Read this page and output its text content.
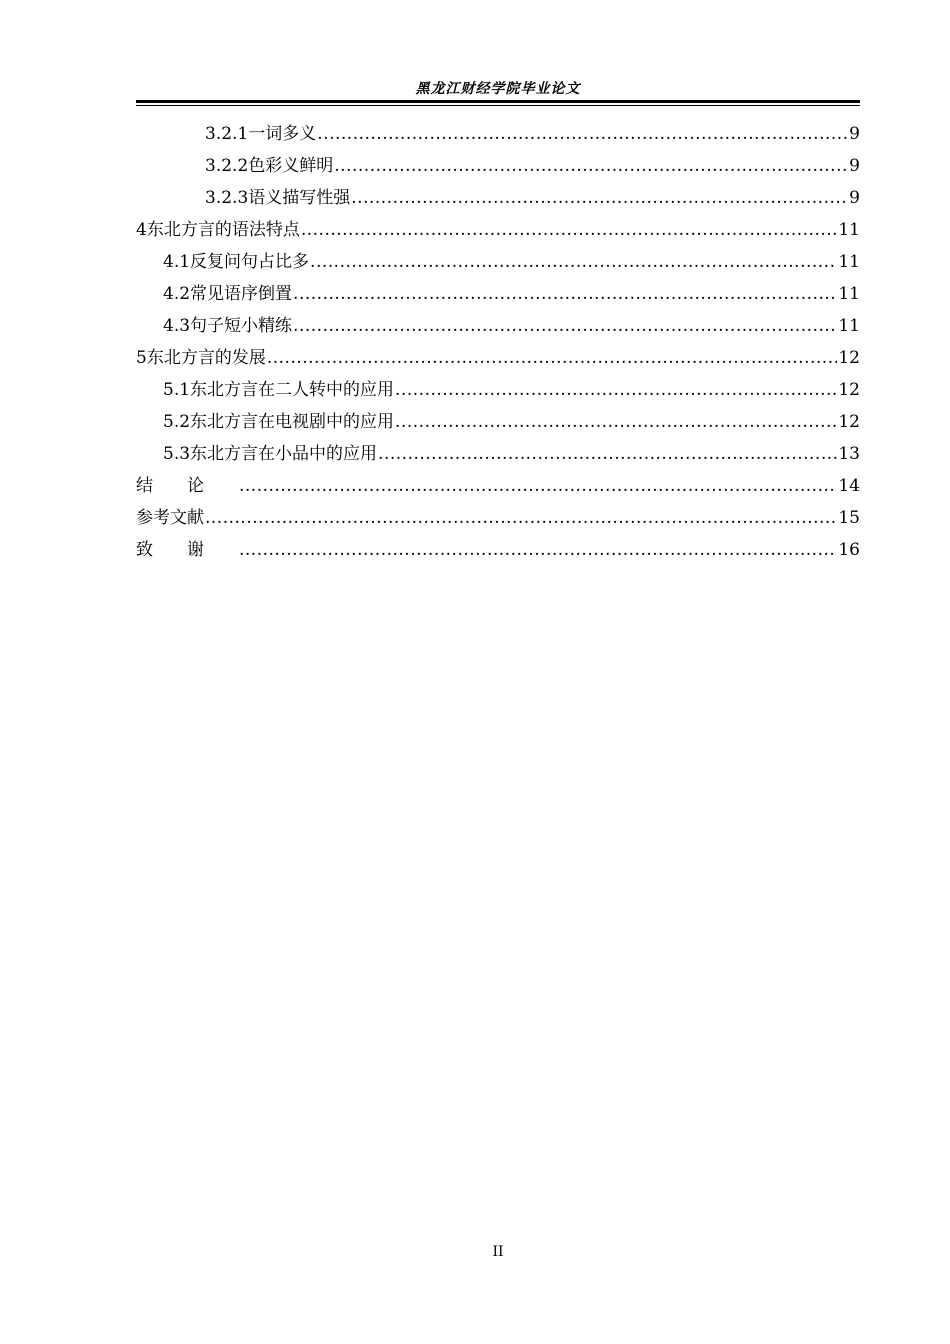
黑龙江财经学院毕业论文
3.2.1 一词多义 .....	9
3.2.2 色彩义鲜明 .....	9
3.2.3 语义描写性强 .....	9
4 东北方言的语法特点 .....	11
4.1 反复问句占比多 .....	11
4.2 常见语序倒置 .....	11
4.3 句子短小精练 .....	11
5 东北方言的发展 .....	12
5.1 东北方言在二人转中的应用 .....	12
5.2 东北方言在电视剧中的应用 .....	12
5.3 东北方言在小品中的应用 .....	13
结论 .....	14
参考文献 .....	15
致谢 .....	16
II
